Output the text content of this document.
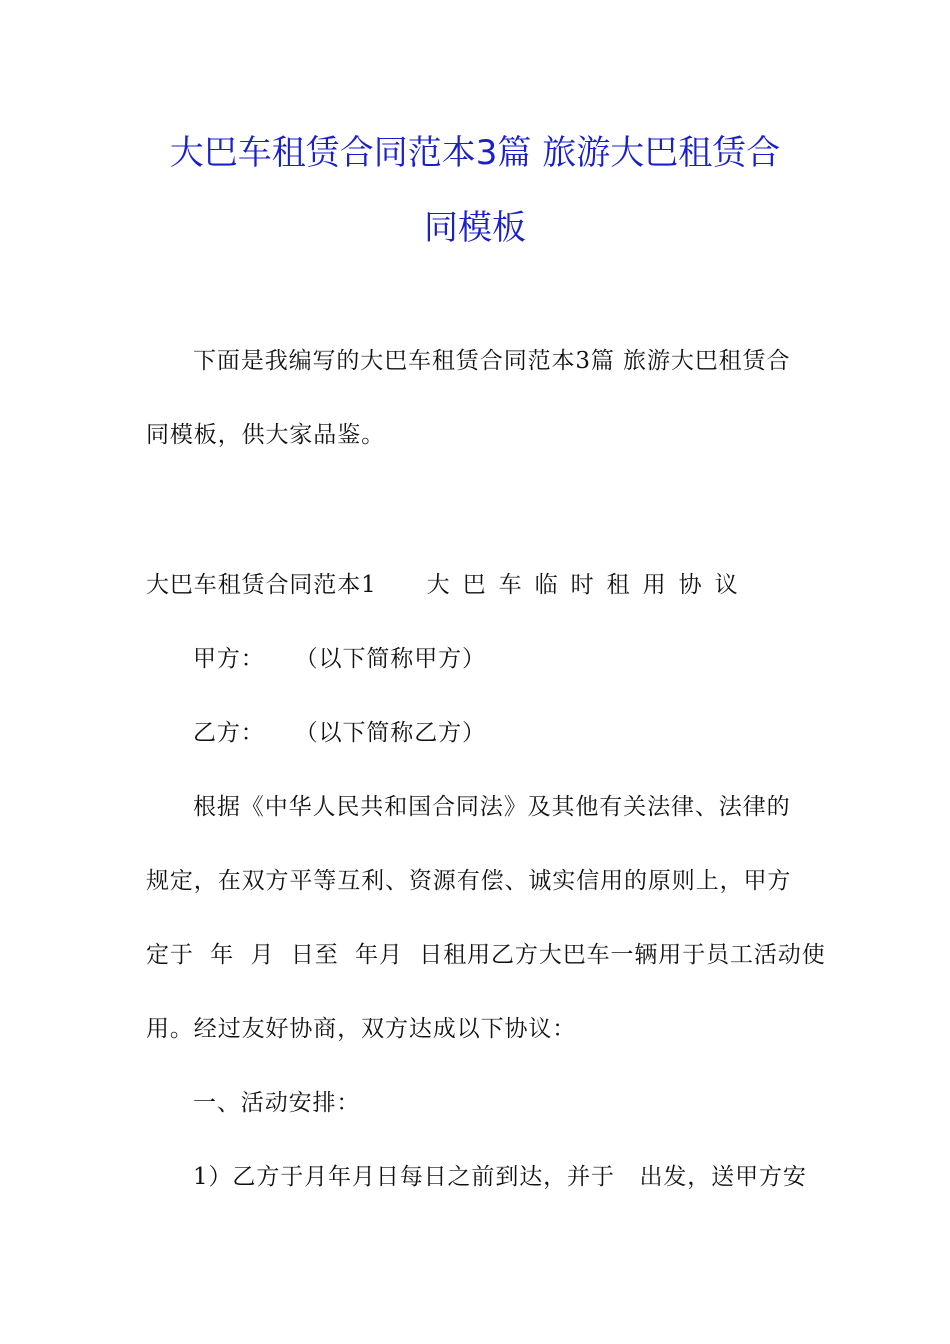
大巴车租赁合同范本3篇 旅游大巴租赁合
同模板
下面是我编写的大巴车租赁合同范本3篇 旅游大巴租赁合
同模板，供大家品鉴。
大巴车租赁合同范本1 大巴车临时租用协议
甲方： （以下简称甲方）
乙方： （以下简称乙方）
根据《中华人民共和国合同法》及其他有关法律、法律的
规定，在双方平等互利、资源有偿、诚实信用的原则上，甲方
定于  年  月  日至  年月  日租用乙方大巴车一辆用于员工活动使
用。经过友好协商，双方达成以下协议：
一、活动安排：
1）乙方于月年月日每日之前到达，并于   出发，送甲方安
